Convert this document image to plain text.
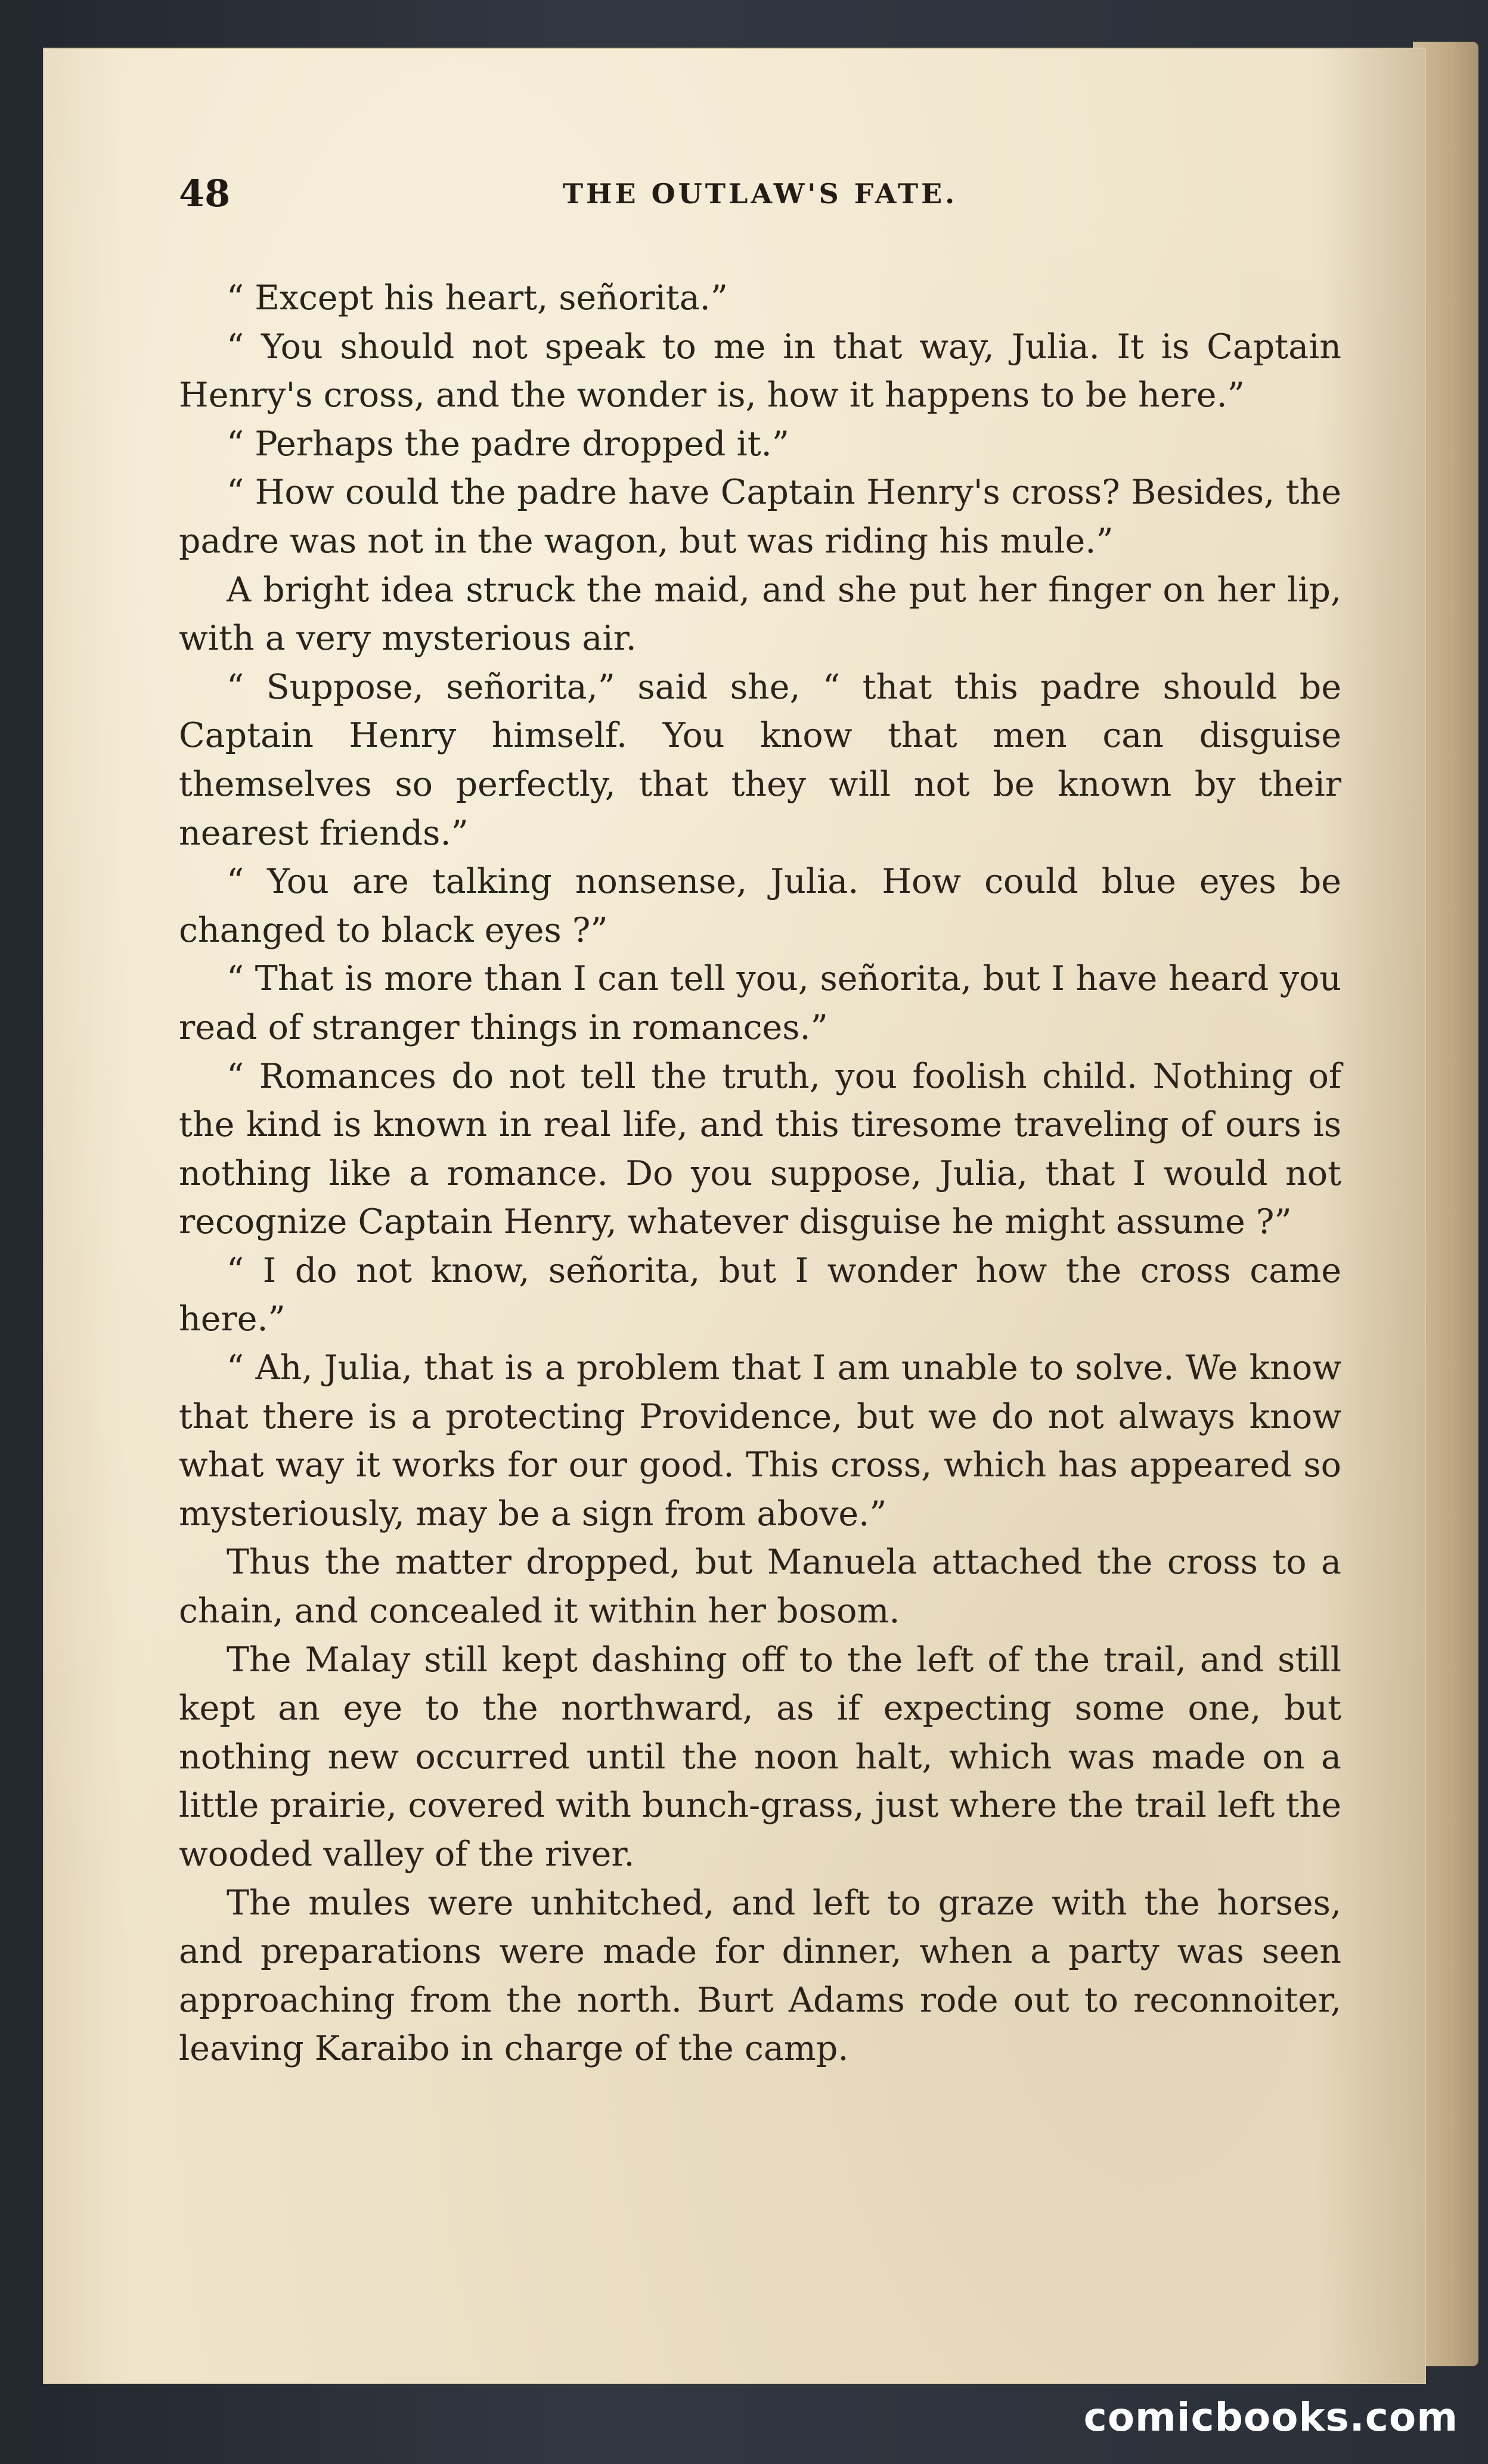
48	THE OUTLAW'S FATE.

“ Except his heart, señorita.”

“ You should not speak to me in that way, Julia. It is Captain Henry's cross, and the wonder is, how it happens to be here.”

“ Perhaps the padre dropped it.”

“ How could the padre have Captain Henry's cross? Besides, the padre was not in the wagon, but was riding his mule.”

A bright idea struck the maid, and she put her finger on her lip, with a very mysterious air.

“ Suppose, señorita,” said she, “ that this padre should be Captain Henry himself. You know that men can disguise themselves so perfectly, that they will not be known by their nearest friends.”

“ You are talking nonsense, Julia. How could blue eyes be changed to black eyes ?”

“ That is more than I can tell you, señorita, but I have heard you read of stranger things in romances.”

“ Romances do not tell the truth, you foolish child. Nothing of the kind is known in real life, and this tiresome traveling of ours is nothing like a romance. Do you suppose, Julia, that I would not recognize Captain Henry, whatever disguise he might assume ?”

“ I do not know, señorita, but I wonder how the cross came here.”

“ Ah, Julia, that is a problem that I am unable to solve. We know that there is a protecting Providence, but we do not always know what way it works for our good. This cross, which has appeared so mysteriously, may be a sign from above.”

Thus the matter dropped, but Manuela attached the cross to a chain, and concealed it within her bosom.

The Malay still kept dashing off to the left of the trail, and still kept an eye to the northward, as if expecting some one, but nothing new occurred until the noon halt, which was made on a little prairie, covered with bunch-grass, just where the trail left the wooded valley of the river.

The mules were unhitched, and left to graze with the horses, and preparations were made for dinner, when a party was seen approaching from the north. Burt Adams rode out to reconnoiter, leaving Karaibo in charge of the camp.

comicbooks.com
